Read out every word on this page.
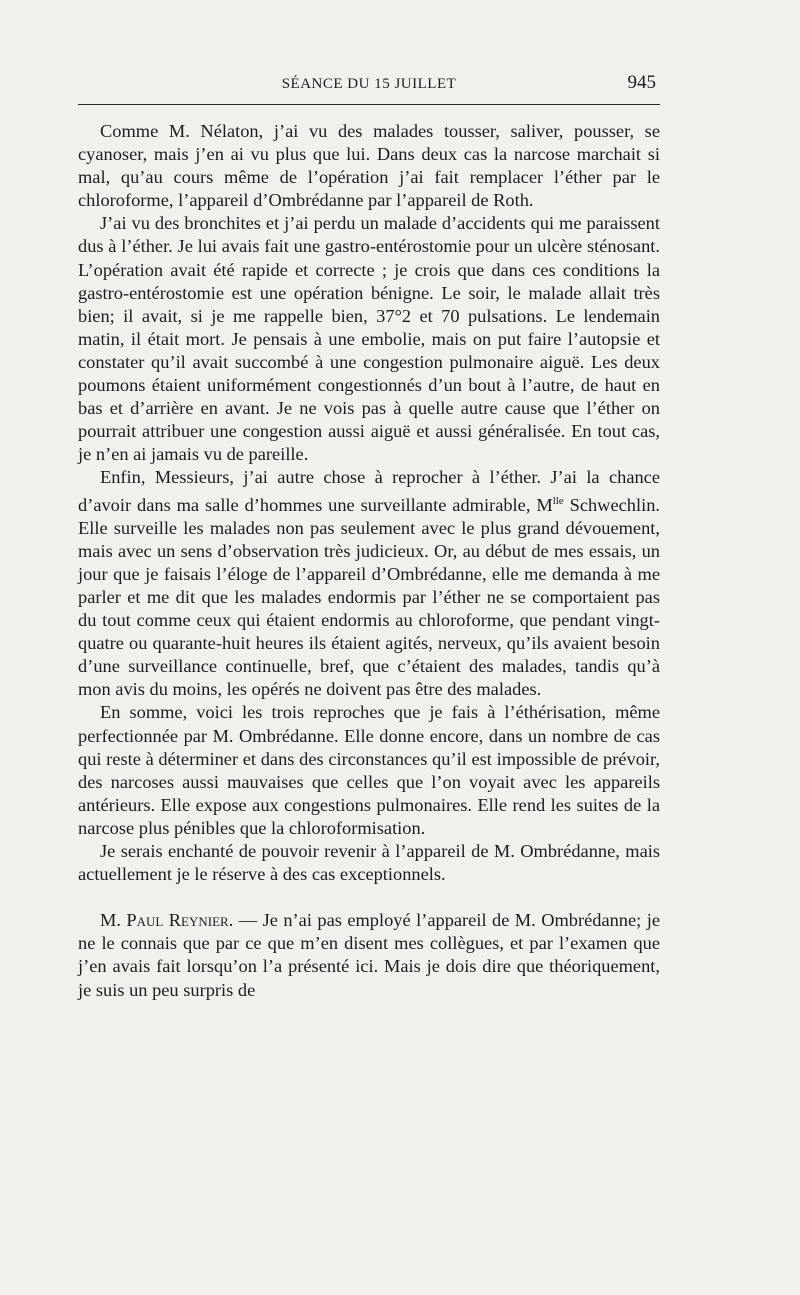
SÉANCE DU 15 JUILLET	945

Comme M. Nélaton, j’ai vu des malades tousser, saliver, pousser, se cyanoser, mais j’en ai vu plus que lui. Dans deux cas la narcose marchait si mal, qu’au cours même de l’opération j’ai fait remplacer l’éther par le chloroforme, l’appareil d’Ombrédanne par l’appareil de Roth.

J’ai vu des bronchites et j’ai perdu un malade d’accidents qui me paraissent dus à l’éther. Je lui avais fait une gastro-entérostomie pour un ulcère sténosant. L’opération avait été rapide et correcte ; je crois que dans ces conditions la gastro-entérostomie est une opération bénigne. Le soir, le malade allait très bien; il avait, si je me rappelle bien, 37°2 et 70 pulsations. Le lendemain matin, il était mort. Je pensais à une embolie, mais on put faire l’autopsie et constater qu’il avait succombé à une congestion pulmonaire aiguë. Les deux poumons étaient uniformément congestionnés d’un bout à l’autre, de haut en bas et d’arrière en avant. Je ne vois pas à quelle autre cause que l’éther on pourrait attribuer une congestion aussi aiguë et aussi généralisée. En tout cas, je n’en ai jamais vu de pareille.

Enfin, Messieurs, j’ai autre chose à reprocher à l’éther. J’ai la chance d’avoir dans ma salle d’hommes une surveillante admirable, $M^{lle}$ Schwechlin. Elle surveille les malades non pas seulement avec le plus grand dévouement, mais avec un sens d’observation très judicieux. Or, au début de mes essais, un jour que je faisais l’éloge de l’appareil d’Ombrédanne, elle me demanda à me parler et me dit que les malades endormis par l’éther ne se comportaient pas du tout comme ceux qui étaient endormis au chloroforme, que pendant vingt-quatre ou quarante-huit heures ils étaient agités, nerveux, qu’ils avaient besoin d’une surveillance continuelle, bref, que c’étaient des malades, tandis qu’à mon avis du moins, les opérés ne doivent pas être des malades.

En somme, voici les trois reproches que je fais à l’éthérisation, même perfectionnée par M. Ombrédanne. Elle donne encore, dans un nombre de cas qui reste à déterminer et dans des circonstances qu’il est impossible de prévoir, des narcoses aussi mauvaises que celles que l’on voyait avec les appareils antérieurs. Elle expose aux congestions pulmonaires. Elle rend les suites de la narcose plus pénibles que la chloroformisation.

Je serais enchanté de pouvoir revenir à l’appareil de M. Ombrédanne, mais actuellement je le réserve à des cas exceptionnels.

M. Paul Reynier. — Je n’ai pas employé l’appareil de M. Ombrédanne; je ne le connais que par ce que m’en disent mes collègues, et par l’examen que j’en avais fait lorsqu’on l’a présenté ici. Mais je dois dire que théoriquement, je suis un peu surpris de
